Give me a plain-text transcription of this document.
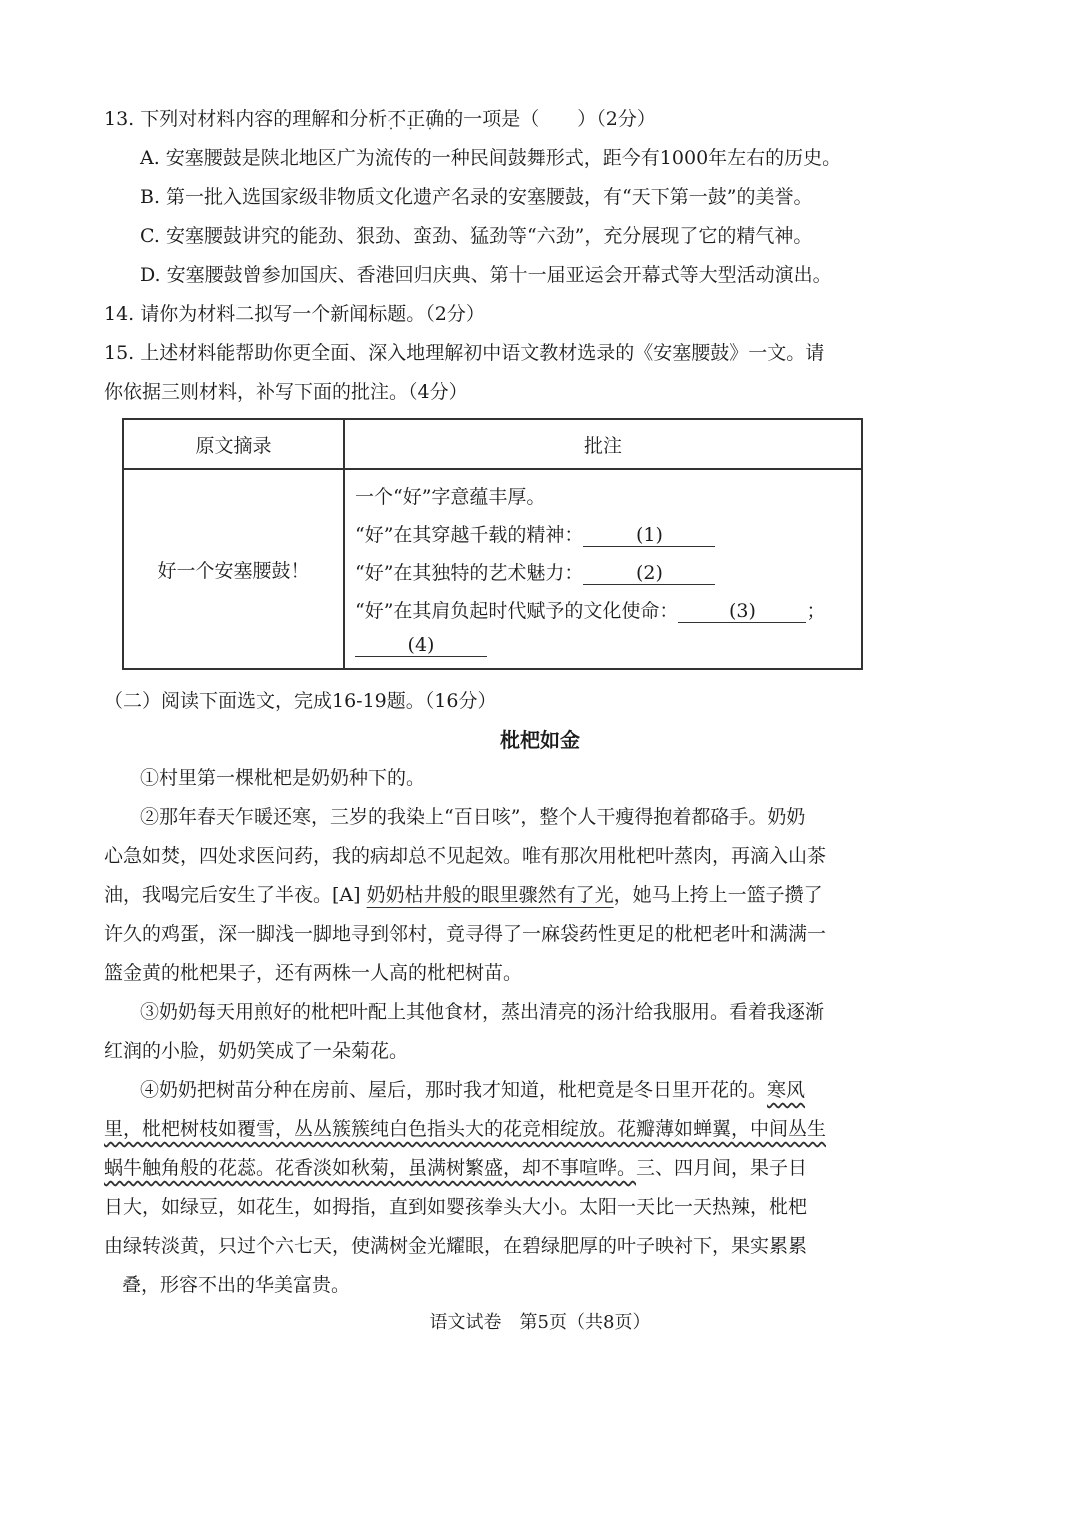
13. 下列对材料内容的理解和分析不正确 • • •的一项是（　　）（2分）
A. 安塞腰鼓是陕北地区广为流传的一种民间鼓舞形式，距今有1000年左右的历史。
B. 第一批入选国家级非物质文化遗产名录的安塞腰鼓，有“天下第一鼓”的美誉。
C. 安塞腰鼓讲究的能劲、狠劲、蛮劲、猛劲等“六劲”，充分展现了它的精气神。
D. 安塞腰鼓曾参加国庆、香港回归庆典、第十一届亚运会开幕式等大型活动演出。
14. 请你为材料二拟写一个新闻标题。（2分）
15. 上述材料能帮助你更全面、深入地理解初中语文教材选录的《安塞腰鼓》一文。请
你依据三则材料，补写下面的批注。（4分）
原文摘录	批注
好一个安塞腰鼓！	一个“好”字意蕴丰厚。
“好”在其穿越千载的精神： (1)
“好”在其独特的艺术魅力： (2)
“好”在其肩负起时代赋予的文化使命： (3) ；
(4)
（二）阅读下面选文，完成16-19题。（16分）
枇杷如金
①村里第一棵枇杷是奶奶种下的。
②那年春天乍暖还寒，三岁的我染上“百日咳”，整个人干瘦得抱着都硌手。奶奶
心急如焚，四处求医问药，我的病却总不见起效。唯有那次用枇杷叶蒸肉，再滴入山茶
油，我喝完后安生了半夜。[A] 奶奶枯井般的眼里骤然有了光，她马上挎上一篮子攒了
许久的鸡蛋，深一脚浅一脚地寻到邻村，竟寻得了一麻袋药性更足的枇杷老叶和满满一
篮金黄的枇杷果子，还有两株一人高的枇杷树苗。
③奶奶每天用煎好的枇杷叶配上其他食材，蒸出清亮的汤汁给我服用。看着我逐渐
红润的小脸，奶奶笑成了一朵菊花。
④奶奶把树苗分种在房前、屋后，那时我才知道，枇杷竟是冬日里开花的。寒风
里，枇杷树枝如覆雪，丛丛簇簇纯白色指头大的花竞相绽放。花瓣薄如蝉翼，中间丛生
蜗牛触角般的花蕊。花香淡如秋菊，虽满树繁盛，却不事喧哗。三、四月间，果子日
日大，如绿豆，如花生，如拇指，直到如婴孩拳头大小。太阳一天比一天热辣，枇杷
由绿转淡黄，只过个六七天，使满树金光耀眼，在碧绿肥厚的叶子映衬下，果实累累
叠，形容不出的华美富贵。
语文试卷　第5页（共8页）
